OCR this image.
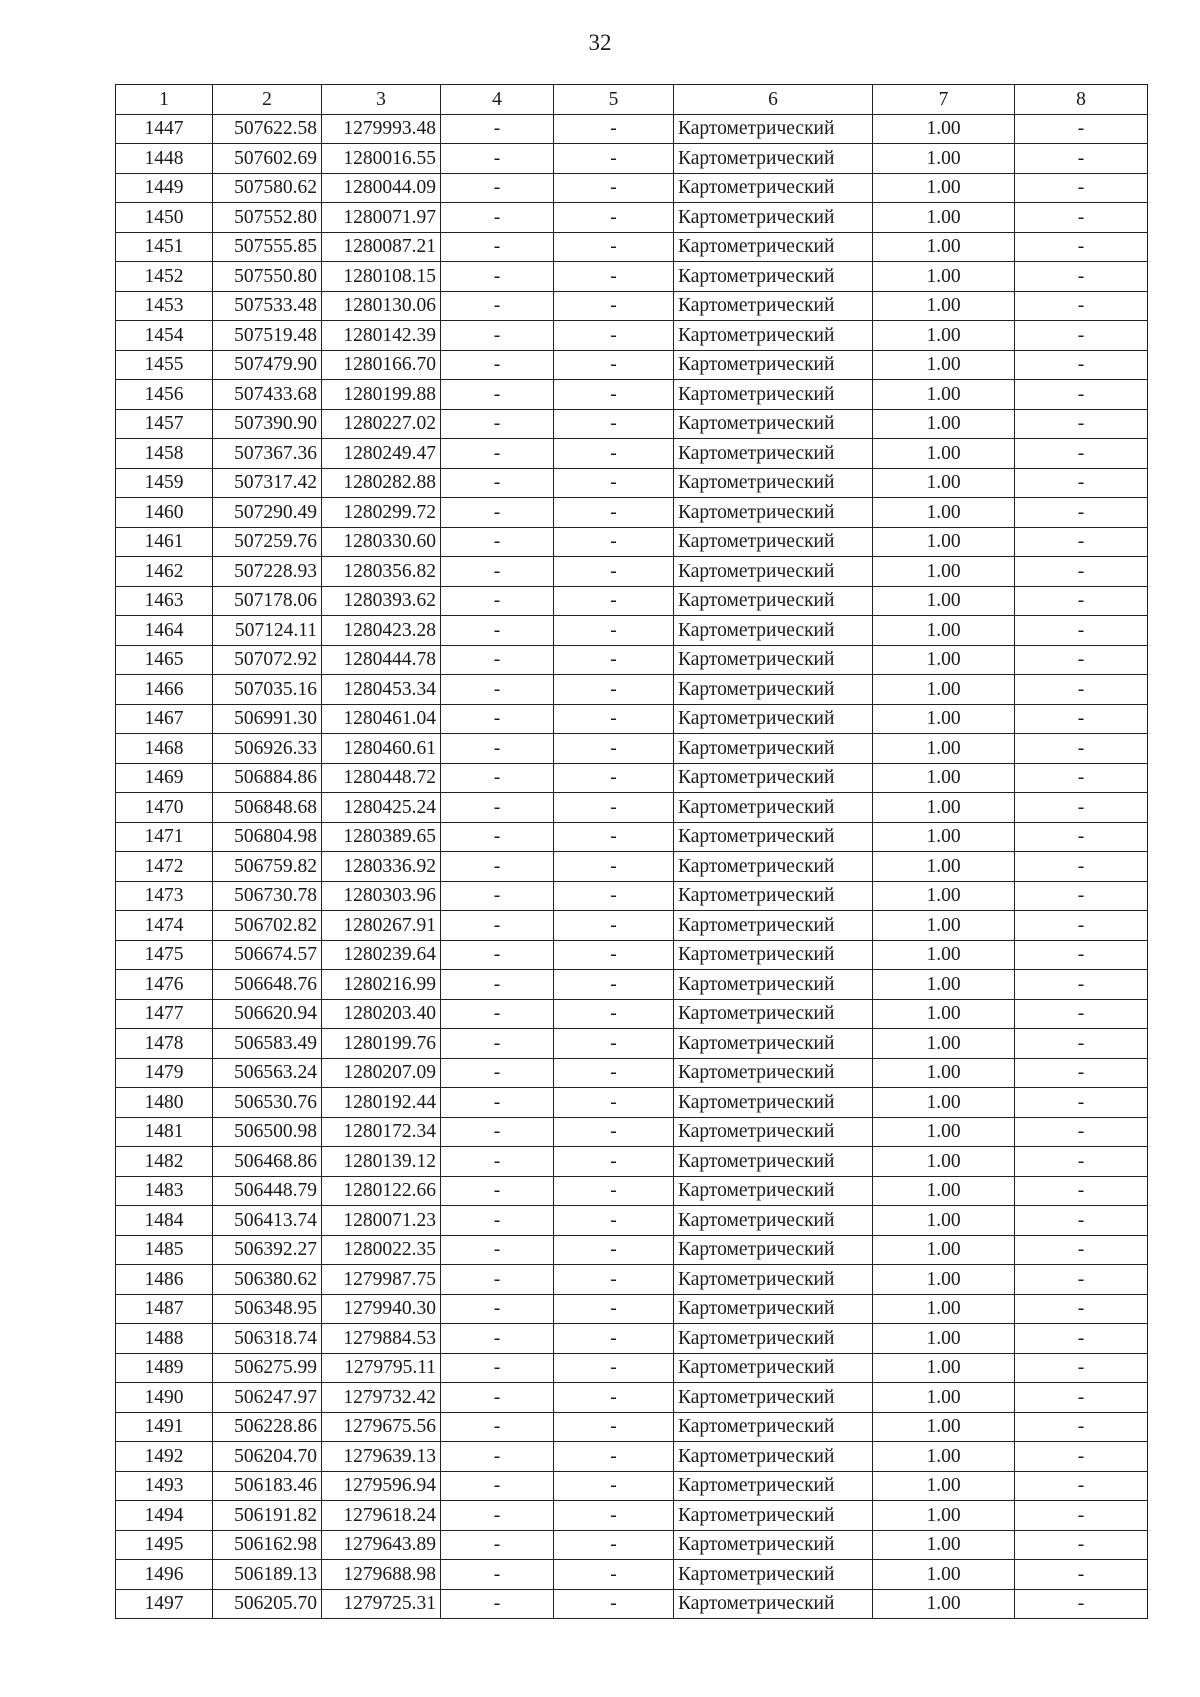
32
1	2	3	4	5	6	7	8
1447	507622.58	1279993.48	-	-	Картометрический	1.00	-
1448	507602.69	1280016.55	-	-	Картометрический	1.00	-
1449	507580.62	1280044.09	-	-	Картометрический	1.00	-
1450	507552.80	1280071.97	-	-	Картометрический	1.00	-
1451	507555.85	1280087.21	-	-	Картометрический	1.00	-
1452	507550.80	1280108.15	-	-	Картометрический	1.00	-
1453	507533.48	1280130.06	-	-	Картометрический	1.00	-
1454	507519.48	1280142.39	-	-	Картометрический	1.00	-
1455	507479.90	1280166.70	-	-	Картометрический	1.00	-
1456	507433.68	1280199.88	-	-	Картометрический	1.00	-
1457	507390.90	1280227.02	-	-	Картометрический	1.00	-
1458	507367.36	1280249.47	-	-	Картометрический	1.00	-
1459	507317.42	1280282.88	-	-	Картометрический	1.00	-
1460	507290.49	1280299.72	-	-	Картометрический	1.00	-
1461	507259.76	1280330.60	-	-	Картометрический	1.00	-
1462	507228.93	1280356.82	-	-	Картометрический	1.00	-
1463	507178.06	1280393.62	-	-	Картометрический	1.00	-
1464	507124.11	1280423.28	-	-	Картометрический	1.00	-
1465	507072.92	1280444.78	-	-	Картометрический	1.00	-
1466	507035.16	1280453.34	-	-	Картометрический	1.00	-
1467	506991.30	1280461.04	-	-	Картометрический	1.00	-
1468	506926.33	1280460.61	-	-	Картометрический	1.00	-
1469	506884.86	1280448.72	-	-	Картометрический	1.00	-
1470	506848.68	1280425.24	-	-	Картометрический	1.00	-
1471	506804.98	1280389.65	-	-	Картометрический	1.00	-
1472	506759.82	1280336.92	-	-	Картометрический	1.00	-
1473	506730.78	1280303.96	-	-	Картометрический	1.00	-
1474	506702.82	1280267.91	-	-	Картометрический	1.00	-
1475	506674.57	1280239.64	-	-	Картометрический	1.00	-
1476	506648.76	1280216.99	-	-	Картометрический	1.00	-
1477	506620.94	1280203.40	-	-	Картометрический	1.00	-
1478	506583.49	1280199.76	-	-	Картометрический	1.00	-
1479	506563.24	1280207.09	-	-	Картометрический	1.00	-
1480	506530.76	1280192.44	-	-	Картометрический	1.00	-
1481	506500.98	1280172.34	-	-	Картометрический	1.00	-
1482	506468.86	1280139.12	-	-	Картометрический	1.00	-
1483	506448.79	1280122.66	-	-	Картометрический	1.00	-
1484	506413.74	1280071.23	-	-	Картометрический	1.00	-
1485	506392.27	1280022.35	-	-	Картометрический	1.00	-
1486	506380.62	1279987.75	-	-	Картометрический	1.00	-
1487	506348.95	1279940.30	-	-	Картометрический	1.00	-
1488	506318.74	1279884.53	-	-	Картометрический	1.00	-
1489	506275.99	1279795.11	-	-	Картометрический	1.00	-
1490	506247.97	1279732.42	-	-	Картометрический	1.00	-
1491	506228.86	1279675.56	-	-	Картометрический	1.00	-
1492	506204.70	1279639.13	-	-	Картометрический	1.00	-
1493	506183.46	1279596.94	-	-	Картометрический	1.00	-
1494	506191.82	1279618.24	-	-	Картометрический	1.00	-
1495	506162.98	1279643.89	-	-	Картометрический	1.00	-
1496	506189.13	1279688.98	-	-	Картометрический	1.00	-
1497	506205.70	1279725.31	-	-	Картометрический	1.00	-
